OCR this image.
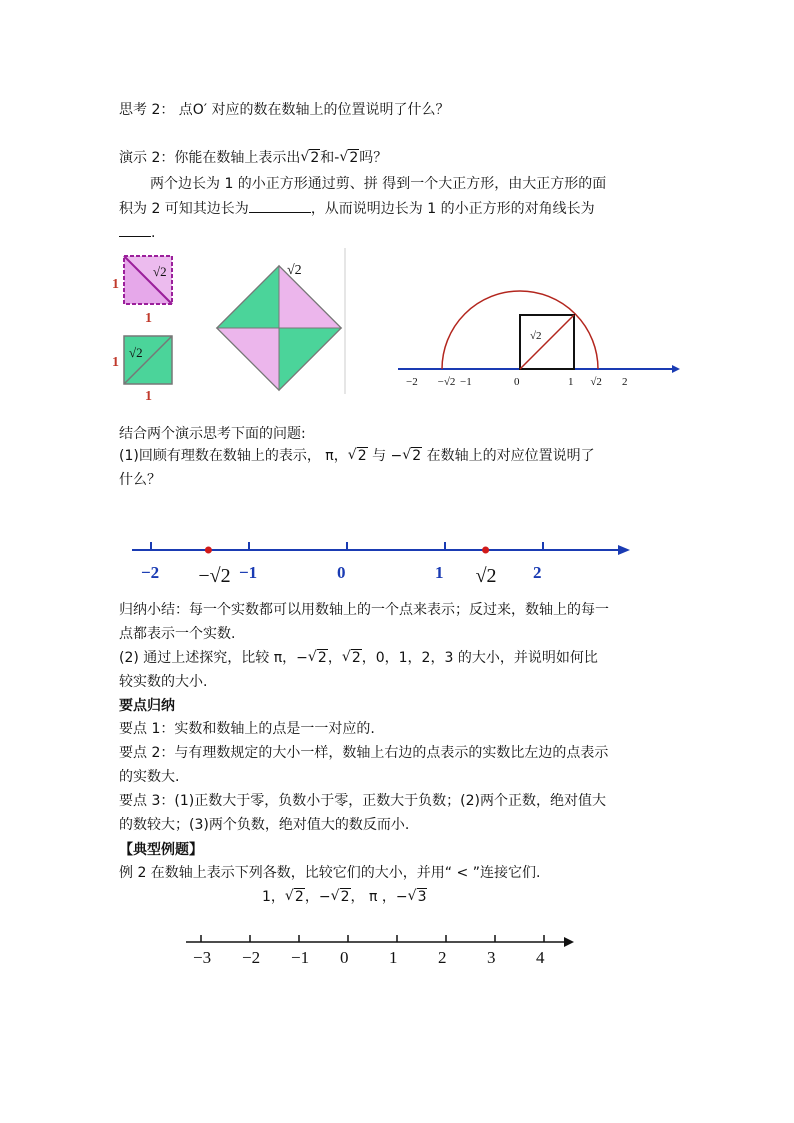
思考 2： 点O′ 对应的数在数轴上的位置说明了什么？
演示 2：你能在数轴上表示出 √ 2和- √ 2吗？
两个边长为 1 的小正方形通过剪、拼 得到一个大正方形，由大正方形的面
积为 2 可知其边长为	，从而说明边长为 1 的小正方形的对角线长为
.
1
1
√2
1
1
√2
√2
√2
−2 −√2 −1	0	1 √2 2
结合两个演示思考下面的问题:
(1)回顾有理数在数轴上的表示， π， √ 2 与 − √ 2 在数轴上的对应位置说明了
什么？
−2 −√2 −1	0	1 √2 2
归纳小结：每一个实数都可以用数轴上的一个点来表示；反过来，数轴上的每一
点都表示一个实数.
(2) 通过上述探究，比较 π，− √ 2， √ 2，0，1，2，3 的大小，并说明如何比
较实数的大小.
要点归纳
要点 1：实数和数轴上的点是一一对应的.
要点 2：与有理数规定的大小一样，数轴上右边的点表示的实数比左边的点表示
的实数大.
要点 3：(1)正数大于零，负数小于零，正数大于负数；(2)两个正数，绝对值大
的数较大；(3)两个负数，绝对值大的数反而小.
【典型例题】
例 2 在数轴上表示下列各数，比较它们的大小，并用“ < ”连接它们.
1， √ 2，− √ 2， π ，− √ 3
−3 −2 −1 0 1 2 3 4
